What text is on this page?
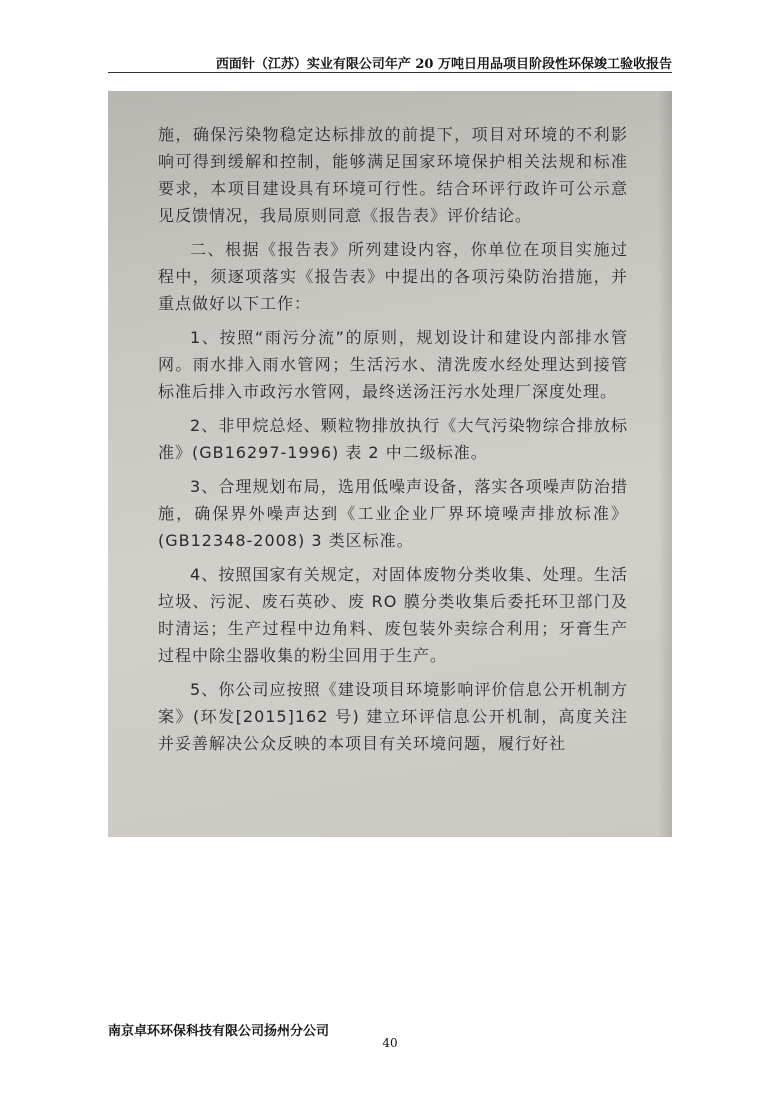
西面针（江苏）实业有限公司年产 20 万吨日用品项目阶段性环保竣工验收报告

施，确保污染物稳定达标排放的前提下，项目对环境的不利影响可得到缓解和控制，能够满足国家环境保护相关法规和标准要求，本项目建设具有环境可行性。结合环评行政许可公示意见反馈情况，我局原则同意《报告表》评价结论。

二、根据《报告表》所列建设内容，你单位在项目实施过程中，须逐项落实《报告表》中提出的各项污染防治措施，并重点做好以下工作：

1、按照“雨污分流”的原则，规划设计和建设内部排水管网。雨水排入雨水管网；生活污水、清洗废水经处理达到接管标准后排入市政污水管网，最终送汤汪污水处理厂深度处理。

2、非甲烷总烃、颗粒物排放执行《大气污染物综合排放标准》(GB16297-1996) 表 2 中二级标准。

3、合理规划布局，选用低噪声设备，落实各项噪声防治措施，确保界外噪声达到《工业企业厂界环境噪声排放标准》(GB12348-2008) 3 类区标准。

4、按照国家有关规定，对固体废物分类收集、处理。生活垃圾、污泥、废石英砂、废 RO 膜分类收集后委托环卫部门及时清运；生产过程中边角料、废包装外卖综合利用；牙膏生产过程中除尘器收集的粉尘回用于生产。

5、你公司应按照《建设项目环境影响评价信息公开机制方案》(环发[2015]162 号) 建立环评信息公开机制，高度关注并妥善解决公众反映的本项目有关环境问题，履行好社

南京卓环环保科技有限公司扬州分公司
40
